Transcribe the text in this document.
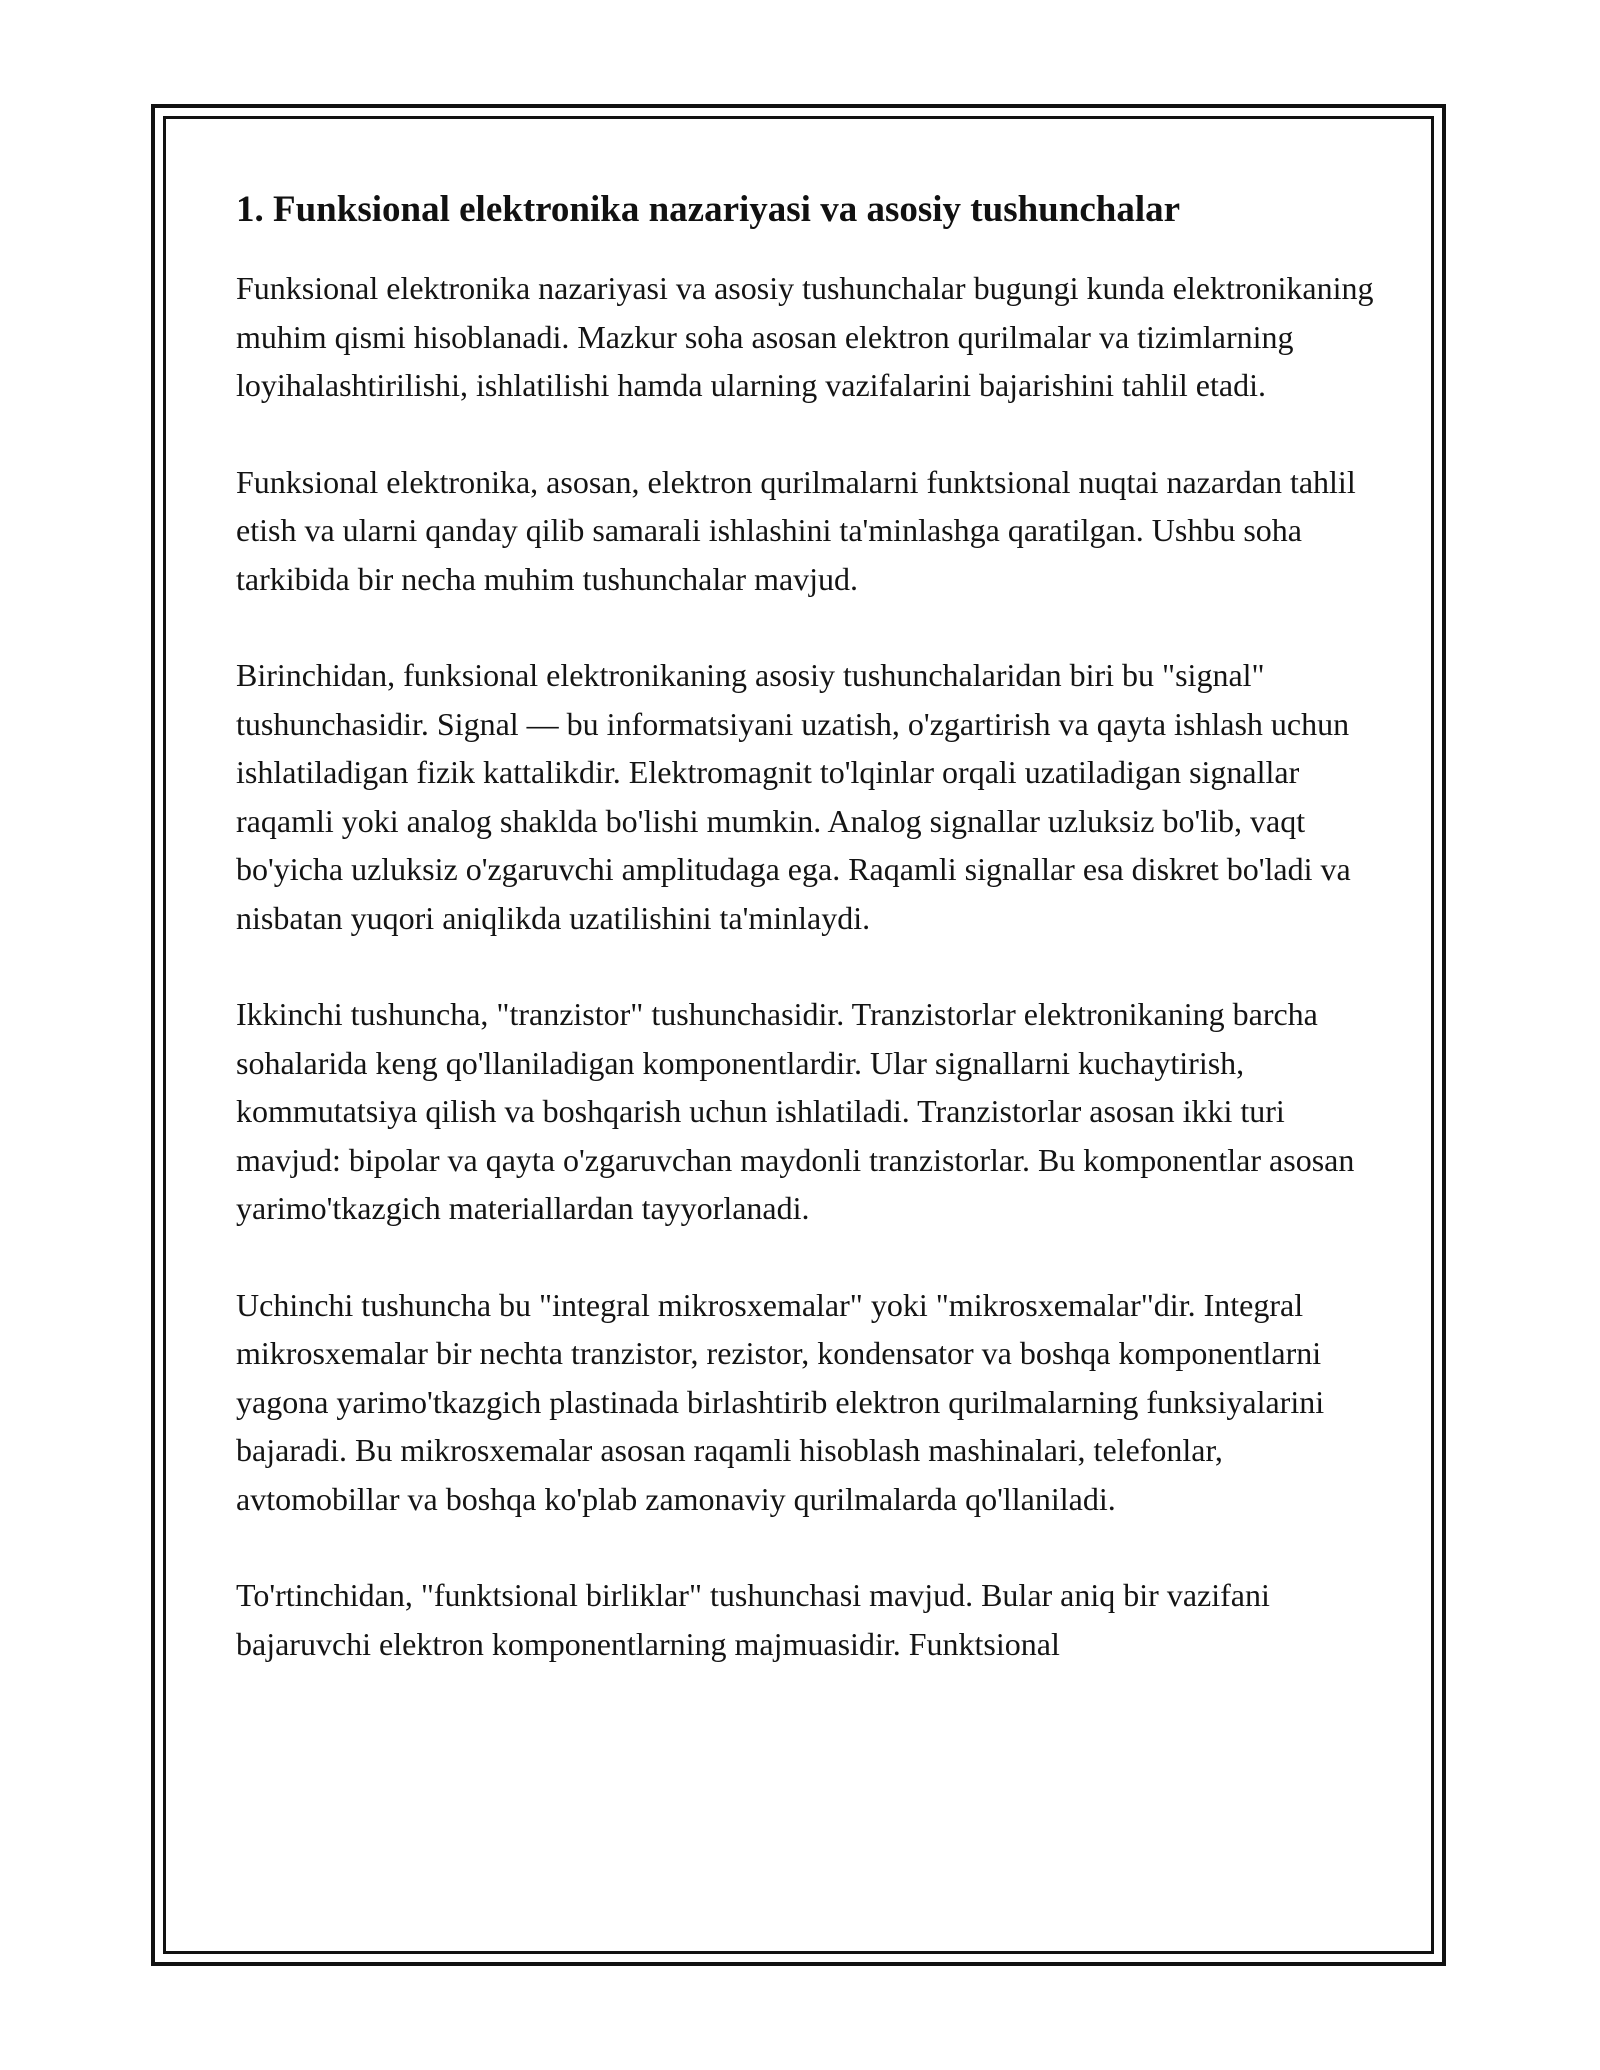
1. Funksional elektronika nazariyasi va asosiy tushunchalar

Funksional elektronika nazariyasi va asosiy tushunchalar bugungi kunda elektronikaning muhim qismi hisoblanadi. Mazkur soha asosan elektron qurilmalar va tizimlarning loyihalashtirilishi, ishlatilishi hamda ularning vazifalarini bajarishini tahlil etadi.

Funksional elektronika, asosan, elektron qurilmalarni funktsional nuqtai nazardan tahlil etish va ularni qanday qilib samarali ishlashini ta'minlashga qaratilgan. Ushbu soha tarkibida bir necha muhim tushunchalar mavjud.

Birinchidan, funksional elektronikaning asosiy tushunchalaridan biri bu "signal" tushunchasidir. Signal — bu informatsiyani uzatish, o'zgartirish va qayta ishlash uchun ishlatiladigan fizik kattalikdir. Elektromagnit to'lqinlar orqali uzatiladigan signallar raqamli yoki analog shaklda bo'lishi mumkin. Analog signallar uzluksiz bo'lib, vaqt bo'yicha uzluksiz o'zgaruvchi amplitudaga ega. Raqamli signallar esa diskret bo'ladi va nisbatan yuqori aniqlikda uzatilishini ta'minlaydi.

Ikkinchi tushuncha, "tranzistor" tushunchasidir. Tranzistorlar elektronikaning barcha sohalarida keng qo'llaniladigan komponentlardir. Ular signallarni kuchaytirish, kommutatsiya qilish va boshqarish uchun ishlatiladi. Tranzistorlar asosan ikki turi mavjud: bipolar va qayta o'zgaruvchan maydonli tranzistorlar. Bu komponentlar asosan yarimo'tkazgich materiallardan tayyorlanadi.

Uchinchi tushuncha bu "integral mikrosxemalar" yoki "mikrosxemalar"dir. Integral mikrosxemalar bir nechta tranzistor, rezistor, kondensator va boshqa komponentlarni yagona yarimo'tkazgich plastinada birlashtirib elektron qurilmalarning funksiyalarini bajaradi. Bu mikrosxemalar asosan raqamli hisoblash mashinalari, telefonlar, avtomobillar va boshqa ko'plab zamonaviy qurilmalarda qo'llaniladi.

To'rtinchidan, "funktsional birliklar" tushunchasi mavjud. Bular aniq bir vazifani bajaruvchi elektron komponentlarning majmuasidir. Funktsional
